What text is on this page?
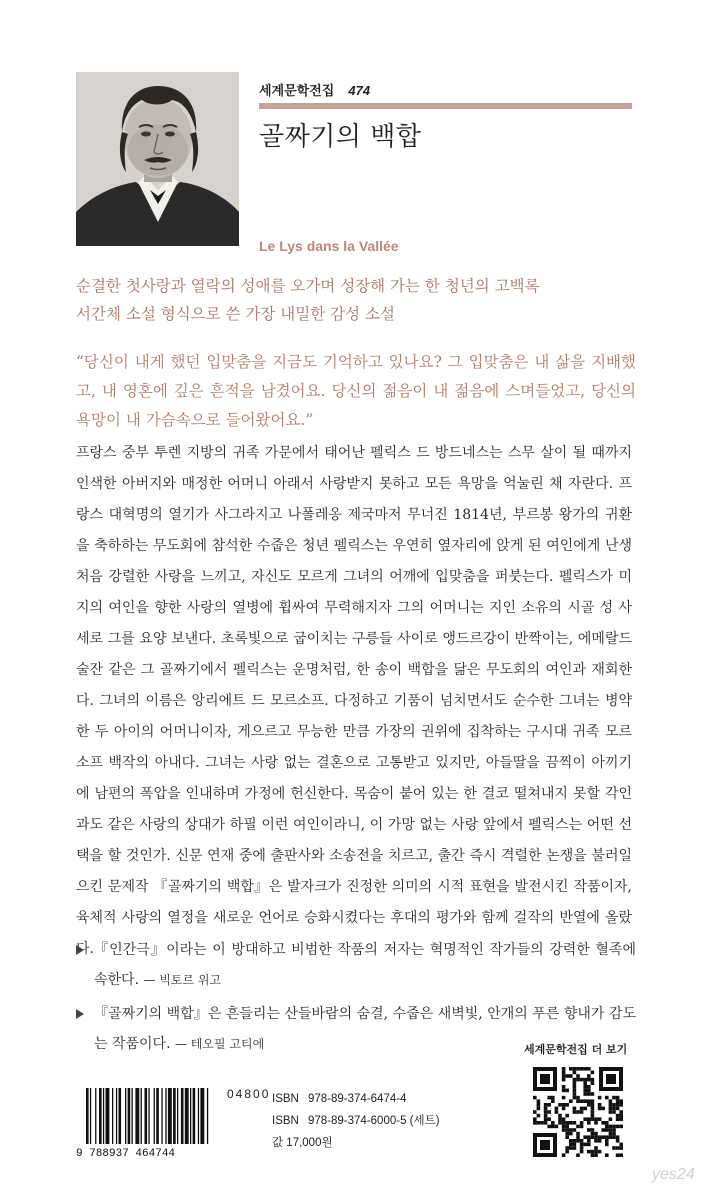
세계문학전집 474
골짜기의 백합
Le Lys dans la Vallée
순결한 첫사랑과 열락의 성애를 오가며 성장해 가는 한 청년의 고백록
서간체 소설 형식으로 쓴 가장 내밀한 감성 소설
“당신이 내게 했던 입맞춤을 지금도 기억하고 있나요? 그 입맞춤은 내 삶을 지배했고, 내 영혼에 깊은 흔적을 남겼어요. 당신의 젊음이 내 젊음에 스며들었고, 당신의 욕망이 내 가슴속으로 들어왔어요.”
프랑스 중부 투렌 지방의 귀족 가문에서 태어난 펠릭스 드 방드네스는 스무 살이 될 때까지 인색한 아버지와 매정한 어머니 아래서 사랑받지 못하고 모든 욕망을 억눌린 채 자란다. 프랑스 대혁명의 열기가 사그라지고 나폴레옹 제국마저 무너진 1814년, 부르봉 왕가의 귀환을 축하하는 무도회에 참석한 수줍은 청년 펠릭스는 우연히 옆자리에 앉게 된 여인에게 난생처음 강렬한 사랑을 느끼고, 자신도 모르게 그녀의 어깨에 입맞춤을 퍼붓는다. 펠릭스가 미지의 여인을 향한 사랑의 열병에 휩싸여 무력해지자 그의 어머니는 지인 소유의 시골 성 사세로 그를 요양 보낸다. 초록빛으로 굽이치는 구릉들 사이로 앵드르강이 반짝이는, 에메랄드 술잔 같은 그 골짜기에서 펠릭스는 운명처럼, 한 송이 백합을 닮은 무도회의 여인과 재회한다. 그녀의 이름은 앙리에트 드 모르소프. 다정하고 기품이 넘치면서도 순수한 그녀는 병약한 두 아이의 어머니이자, 게으르고 무능한 만큼 가장의 권위에 집착하는 구시대 귀족 모르소프 백작의 아내다. 그녀는 사랑 없는 결혼으로 고통받고 있지만, 아들딸을 끔찍이 아끼기에 남편의 폭압을 인내하며 가정에 헌신한다. 목숨이 붙어 있는 한 결코 떨쳐내지 못할 각인과도 같은 사랑의 상대가 하필 이런 여인이라니, 이 가망 없는 사랑 앞에서 펠릭스는 어떤 선택을 할 것인가. 신문 연재 중에 출판사와 소송전을 치르고, 출간 즉시 격렬한 논쟁을 불러일으킨 문제작 『골짜기의 백합』은 발자크가 진정한 의미의 시적 표현을 발전시킨 작품이자, 육체적 사랑의 열정을 새로운 언어로 승화시켰다는 후대의 평가와 함께 걸작의 반열에 올랐다. 『인간극』이라는 이 방대하고 비범한 작품의 저자는 혁명적인 작가들의 강력한 혈족에 속한다. — 빅토르 위고
『골짜기의 백합』은 흔들리는 산들바람의 숨결, 수줍은 새벽빛, 안개의 푸른 향내가 감도는 작품이다. — 테오필 고티에
9 788937 464744
04800 ISBN 978-89-374-6474-4
ISBN 978-89-374-6000-5 (세트)
값 17,000원
세계문학전집 더 보기
yes24
